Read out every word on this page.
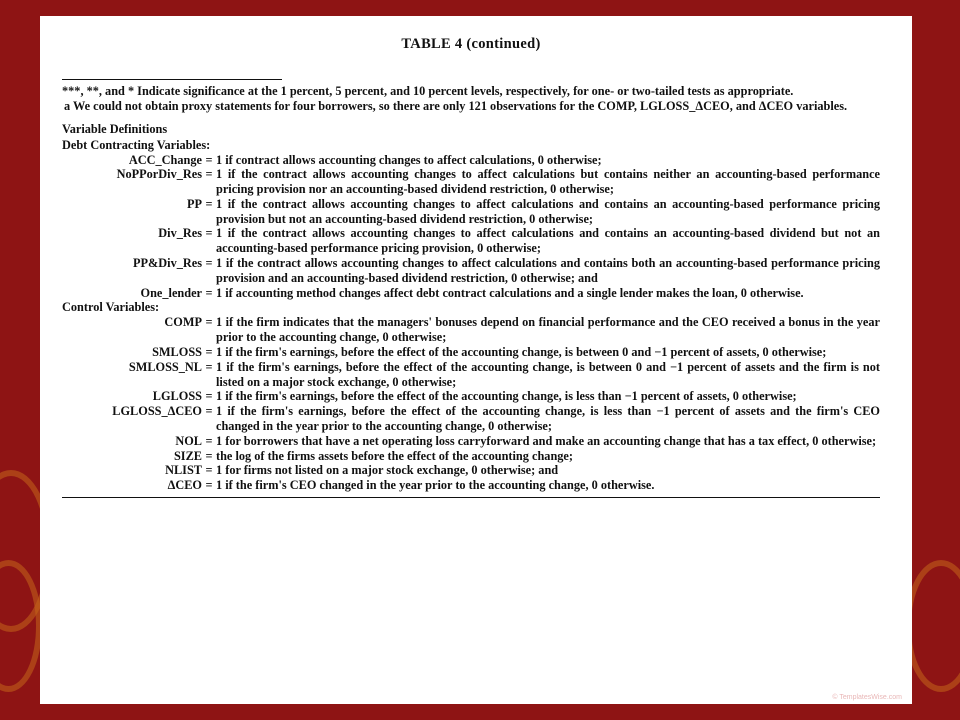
TABLE 4 (continued)
***, **, and * Indicate significance at the 1 percent, 5 percent, and 10 percent levels, respectively, for one- or two-tailed tests as appropriate.
a We could not obtain proxy statements for four borrowers, so there are only 121 observations for the COMP, LGLOSS_ΔCEO, and ΔCEO variables.
Variable Definitions
Debt Contracting Variables:
ACC_Change = 1 if contract allows accounting changes to affect calculations, 0 otherwise;
NoPPorDiv_Res = 1 if the contract allows accounting changes to affect calculations but contains neither an accounting-based performance pricing provision nor an accounting-based dividend restriction, 0 otherwise;
PP = 1 if the contract allows accounting changes to affect calculations and contains an accounting-based performance pricing provision but not an accounting-based dividend restriction, 0 otherwise;
Div_Res = 1 if the contract allows accounting changes to affect calculations and contains an accounting-based dividend but not an accounting-based performance pricing provision, 0 otherwise;
PP&Div_Res = 1 if the contract allows accounting changes to affect calculations and contains both an accounting-based performance pricing provision and an accounting-based dividend restriction, 0 otherwise; and
One_lender = 1 if accounting method changes affect debt contract calculations and a single lender makes the loan, 0 otherwise.
Control Variables:
COMP = 1 if the firm indicates that the managers' bonuses depend on financial performance and the CEO received a bonus in the year prior to the accounting change, 0 otherwise;
SMLOSS = 1 if the firm's earnings, before the effect of the accounting change, is between 0 and −1 percent of assets, 0 otherwise;
SMLOSS_NL = 1 if the firm's earnings, before the effect of the accounting change, is between 0 and −1 percent of assets and the firm is not listed on a major stock exchange, 0 otherwise;
LGLOSS = 1 if the firm's earnings, before the effect of the accounting change, is less than −1 percent of assets, 0 otherwise;
LGLOSS_ΔCEO = 1 if the firm's earnings, before the effect of the accounting change, is less than −1 percent of assets and the firm's CEO changed in the year prior to the accounting change, 0 otherwise;
NOL = 1 for borrowers that have a net operating loss carryforward and make an accounting change that has a tax effect, 0 otherwise;
SIZE = the log of the firms assets before the effect of the accounting change;
NLIST = 1 for firms not listed on a major stock exchange, 0 otherwise; and
ΔCEO = 1 if the firm's CEO changed in the year prior to the accounting change, 0 otherwise.
© TemplatesWise.com
